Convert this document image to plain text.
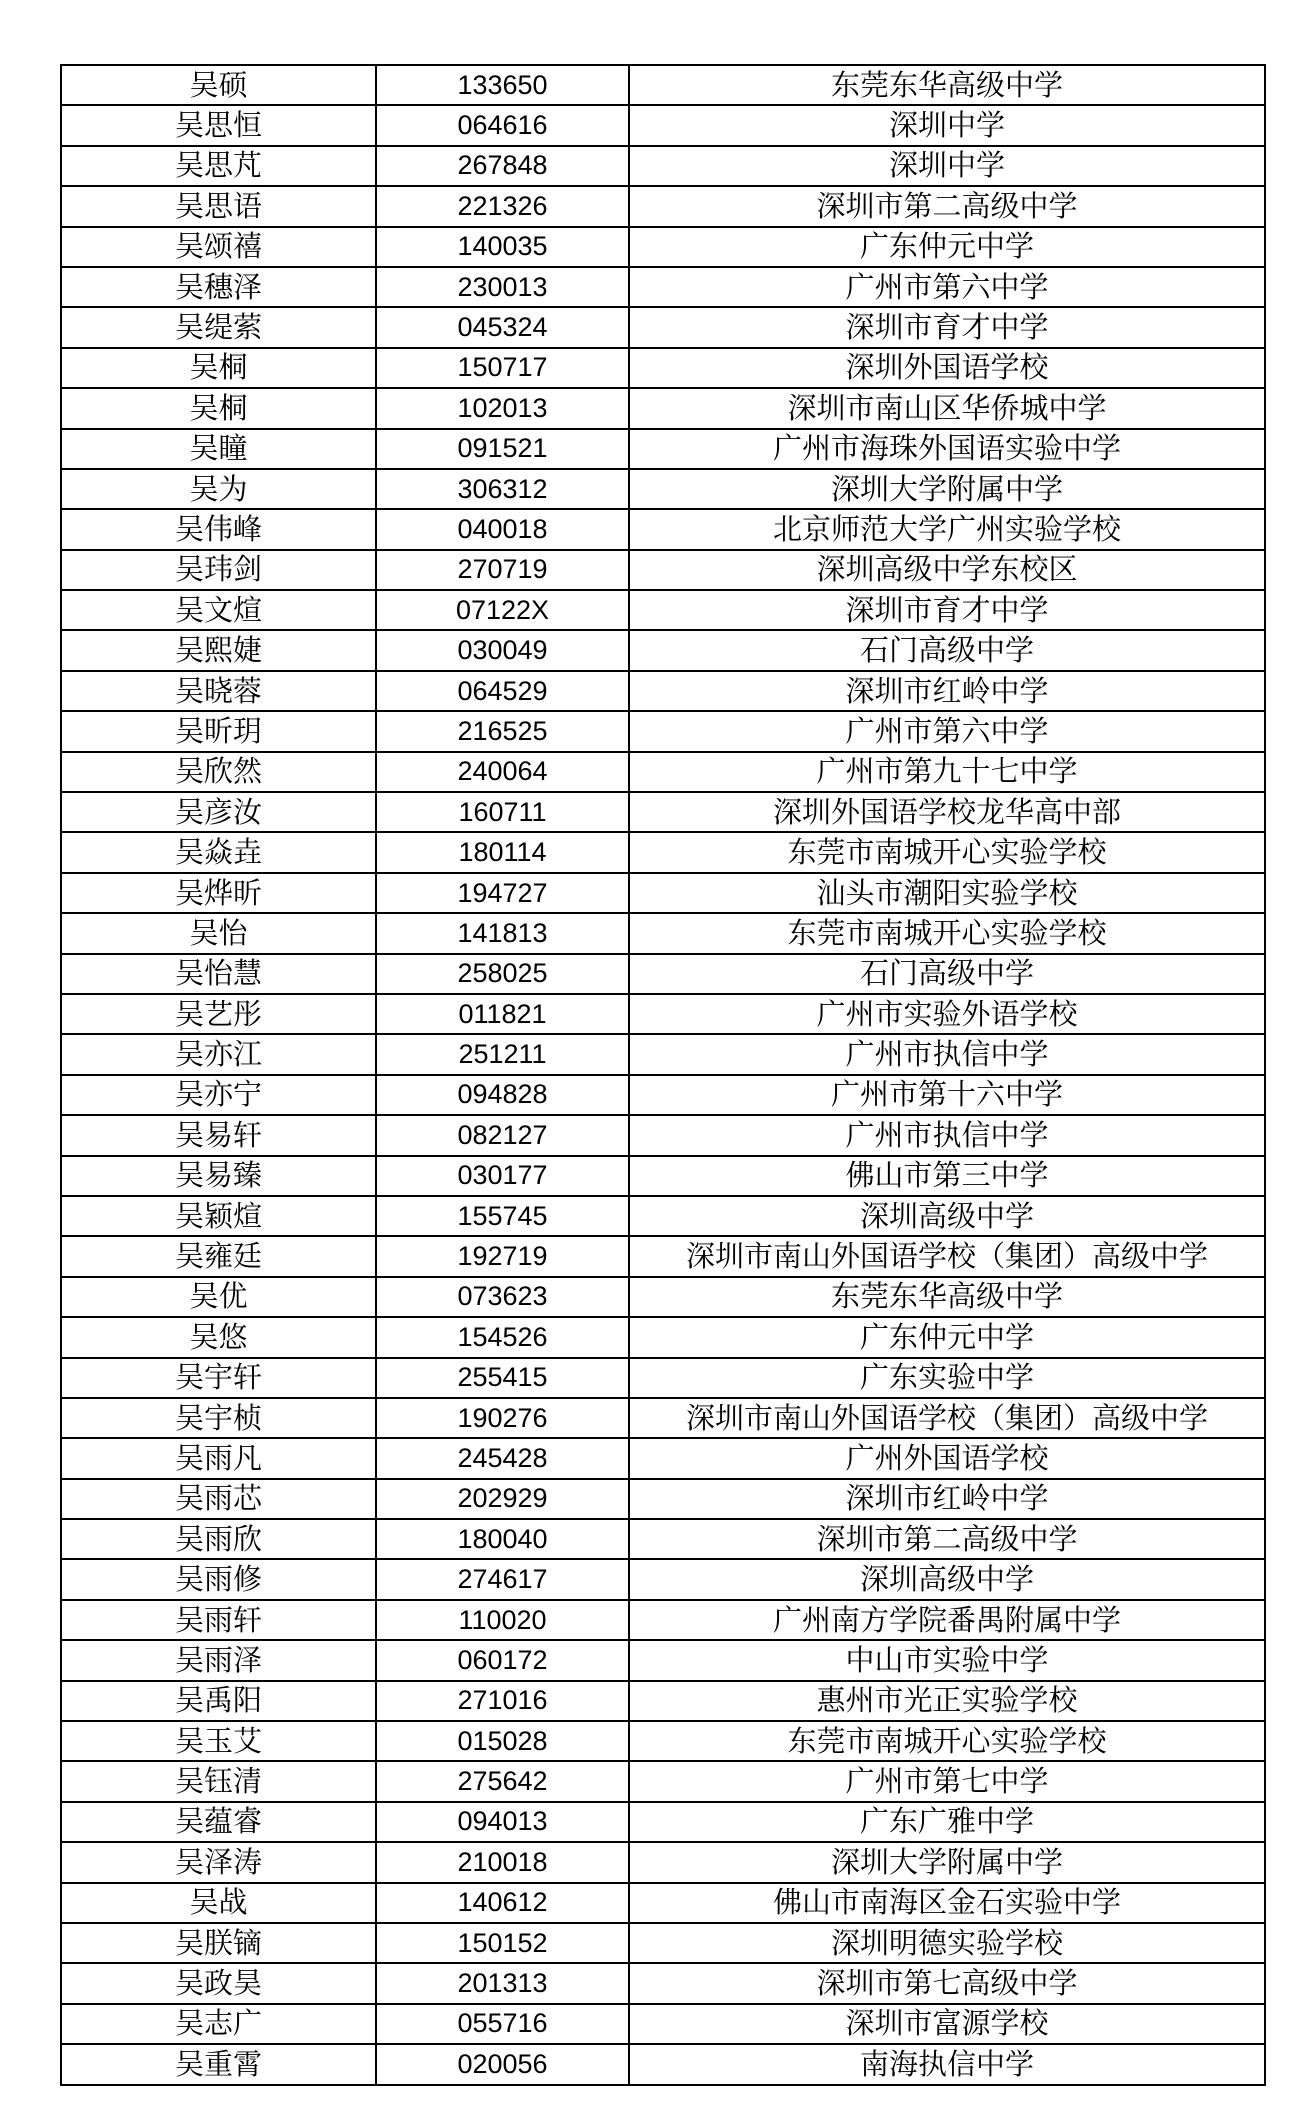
吴硕	133650	东莞东华高级中学
吴思恒	064616	深圳中学
吴思芃	267848	深圳中学
吴思语	221326	深圳市第二高级中学
吴颂禧	140035	广东仲元中学
吴穗泽	230013	广州市第六中学
吴缇萦	045324	深圳市育才中学
吴桐	150717	深圳外国语学校
吴桐	102013	深圳市南山区华侨城中学
吴瞳	091521	广州市海珠外国语实验中学
吴为	306312	深圳大学附属中学
吴伟峰	040018	北京师范大学广州实验学校
吴玮剑	270719	深圳高级中学东校区
吴文煊	07122X	深圳市育才中学
吴熙婕	030049	石门高级中学
吴晓蓉	064529	深圳市红岭中学
吴昕玥	216525	广州市第六中学
吴欣然	240064	广州市第九十七中学
吴彦汝	160711	深圳外国语学校龙华高中部
吴焱垚	180114	东莞市南城开心实验学校
吴烨昕	194727	汕头市潮阳实验学校
吴怡	141813	东莞市南城开心实验学校
吴怡慧	258025	石门高级中学
吴艺彤	011821	广州市实验外语学校
吴亦江	251211	广州市执信中学
吴亦宁	094828	广州市第十六中学
吴易轩	082127	广州市执信中学
吴易臻	030177	佛山市第三中学
吴颖煊	155745	深圳高级中学
吴雍廷	192719	深圳市南山外国语学校（集团）高级中学
吴优	073623	东莞东华高级中学
吴悠	154526	广东仲元中学
吴宇轩	255415	广东实验中学
吴宇桢	190276	深圳市南山外国语学校（集团）高级中学
吴雨凡	245428	广州外国语学校
吴雨芯	202929	深圳市红岭中学
吴雨欣	180040	深圳市第二高级中学
吴雨修	274617	深圳高级中学
吴雨轩	110020	广州南方学院番禺附属中学
吴雨泽	060172	中山市实验中学
吴禹阳	271016	惠州市光正实验学校
吴玉艾	015028	东莞市南城开心实验学校
吴钰清	275642	广州市第七中学
吴蕴睿	094013	广东广雅中学
吴泽涛	210018	深圳大学附属中学
吴战	140612	佛山市南海区金石实验中学
吴朕镝	150152	深圳明德实验学校
吴政昊	201313	深圳市第七高级中学
吴志广	055716	深圳市富源学校
吴重霄	020056	南海执信中学
